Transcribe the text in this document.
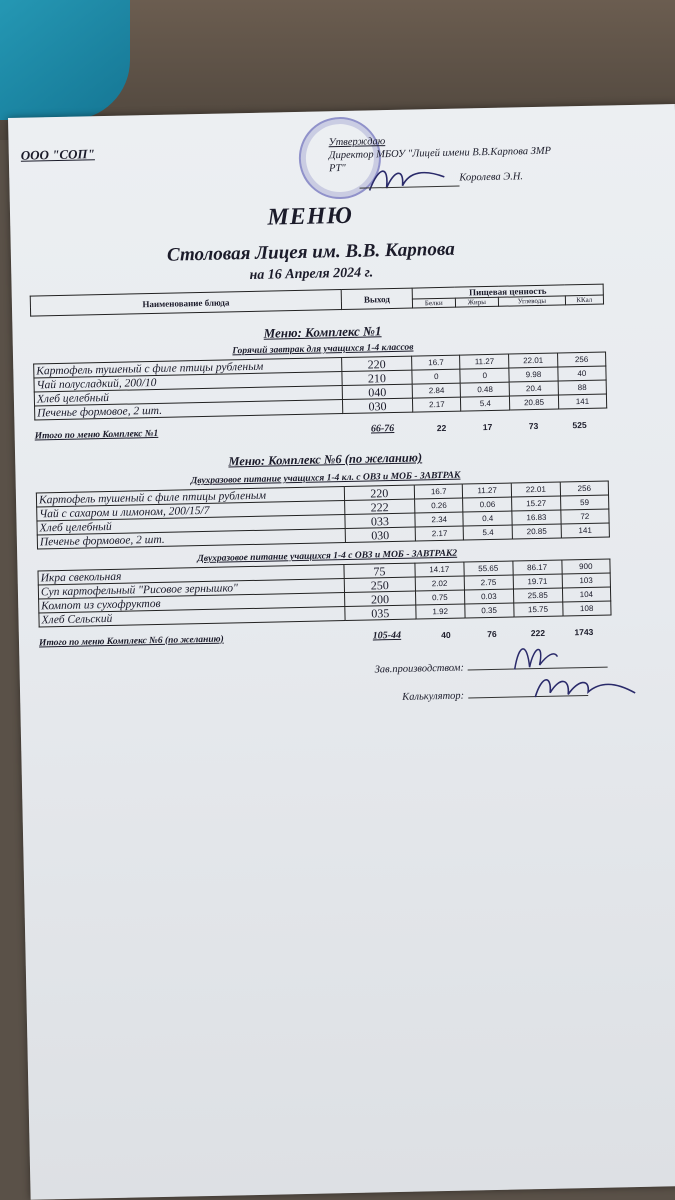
ООО "СОП"
Утверждаю
Директор МБОУ "Лицей имени В.В.Карпова ЗМР
РТ"
Королева Э.Н.
МЕНЮ
Столовая Лицея им. В.В. Карпова
на 16 Апреля 2024 г.
Наименование блюда	Выход	Пищевая ценность			
		Белки	Жиры	Углеводы	ККал
Меню: Комплекс №1
Горячий завтрак для учащихся 1-4 классов
Картофель тушеный с филе птицы рубленым	220	16.7	11.27	22.01	256
Чай полусладкий, 200/10	210	0	0	9.98	40
Хлеб целебный	040	2.84	0.48	20.4	88
Печенье формовое, 2 шт.	030	2.17	5.4	20.85	141
Итого по меню Комплекс №1	66-76	22	17	73	525
Меню: Комплекс №6 (по желанию)
Двухразовое питание учащихся 1-4 кл. с ОВЗ и МОБ - ЗАВТРАК
Картофель тушеный с филе птицы рубленым	220	16.7	11.27	22.01	256
Чай с сахаром и лимоном, 200/15/7	222	0.26	0.06	15.27	59
Хлеб целебный	033	2.34	0.4	16.83	72
Печенье формовое, 2 шт.	030	2.17	5.4	20.85	141
Двухразовое питание учащихся 1-4 с ОВЗ и МОБ - ЗАВТРАК2
Икра свекольная	75	14.17	55.65	86.17	900
Суп картофельный "Рисовое зернышко"	250	2.02	2.75	19.71	103
Компот из сухофруктов	200	0.75	0.03	25.85	104
Хлеб Сельский	035	1.92	0.35	15.75	108
Итого по меню Комплекс №6 (по желанию)	105-44	40	76	222	1743
Зав.производством:
Калькулятор:
